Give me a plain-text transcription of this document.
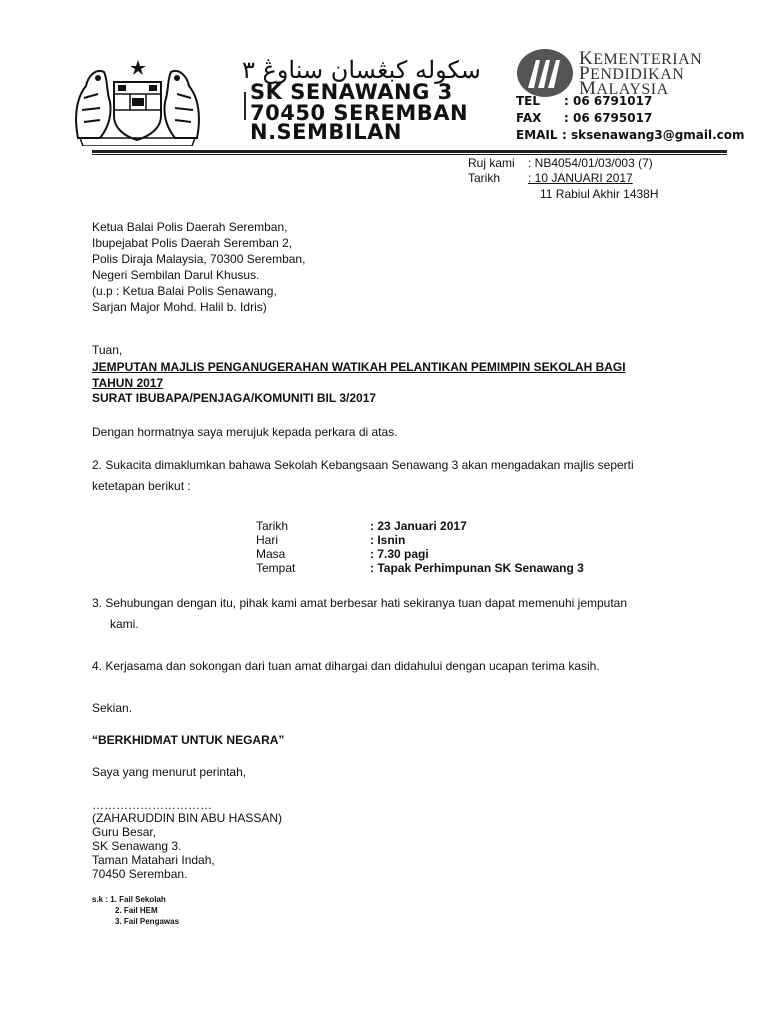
سكوله كبڠسان سناوڠ ٣
SK SENAWANG 3
70450 SEREMBAN
N.SEMBILAN
KEMENTERIAN
PENDIDIKAN
MALAYSIA
TEL : 06 6791017
FAX : 06 6795017
EMAIL : sksenawang3@gmail.com
Ruj kami : NB4054/01/03/003 (7)
Tarikh : 10 JANUARI 2017
11 Rabiul Akhir 1438H
Ketua Balai Polis Daerah Seremban,
Ibupejabat Polis Daerah Seremban 2,
Polis Diraja Malaysia, 70300 Seremban,
Negeri Sembilan Darul Khusus.
(u.p : Ketua Balai Polis Senawang,
Sarjan Major Mohd. Halil b. Idris)
Tuan,
JEMPUTAN MAJLIS PENGANUGERAHAN WATIKAH PELANTIKAN PEMIMPIN SEKOLAH BAGI
TAHUN 2017
SURAT IBUBAPA/PENJAGA/KOMUNITI BIL 3/2017
Dengan hormatnya saya merujuk kepada perkara di atas.
2. Sukacita dimaklumkan bahawa Sekolah Kebangsaan Senawang 3 akan mengadakan majlis seperti
ketetapan berikut :
Tarikh	: 23 Januari 2017
Hari	: Isnin
Masa	: 7.30 pagi
Tempat	: Tapak Perhimpunan SK Senawang 3
3. Sehubungan dengan itu, pihak kami amat berbesar hati sekiranya tuan dapat memenuhi jemputan
kami.
4. Kerjasama dan sokongan dari tuan amat dihargai dan didahului dengan ucapan terima kasih.
Sekian.
“BERKHIDMAT UNTUK NEGARA”
Saya yang menurut perintah,
…………………………
(ZAHARUDDIN BIN ABU HASSAN)
Guru Besar,
SK Senawang 3.
Taman Matahari Indah,
70450 Seremban.
s.k : 1. Fail Sekolah
2. Fail HEM
3. Fail Pengawas
